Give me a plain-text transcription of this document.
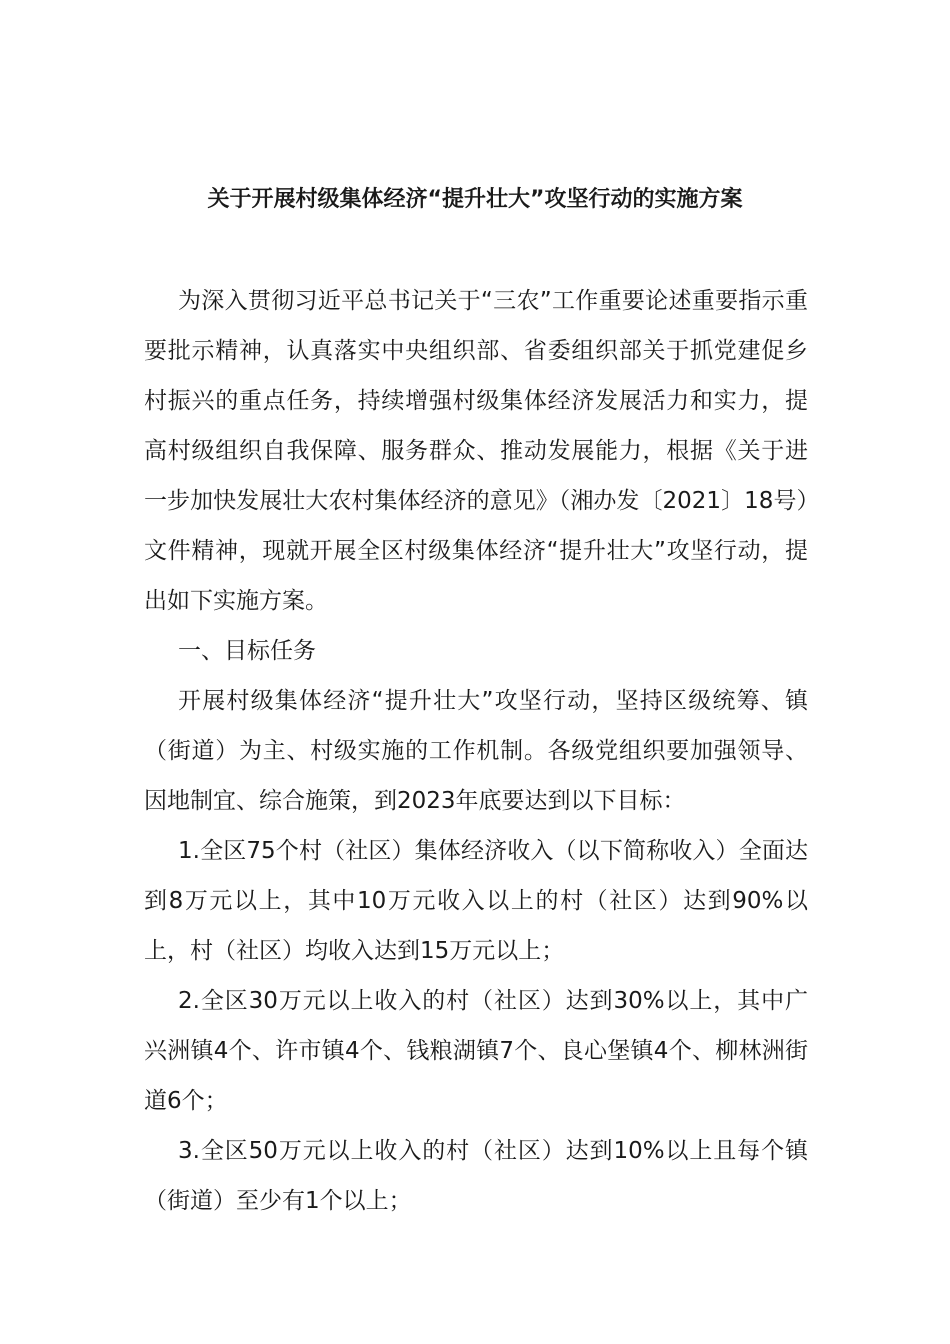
关于开展村级集体经济“提升壮大”攻坚行动的实施方案

为深入贯彻习近平总书记关于“三农”工作重要论述重要指示重要批示精神，认真落实中央组织部、省委组织部关于抓党建促乡村振兴的重点任务，持续增强村级集体经济发展活力和实力，提高村级组织自我保障、服务群众、推动发展能力，根据《关于进一步加快发展壮大农村集体经济的意见》（湘办发〔2021〕18号）文件精神，现就开展全区村级集体经济“提升壮大”攻坚行动，提出如下实施方案。

一、目标任务

开展村级集体经济“提升壮大”攻坚行动，坚持区级统筹、镇（街道）为主、村级实施的工作机制。各级党组织要加强领导、因地制宜、综合施策，到2023年底要达到以下目标：

1.全区75个村（社区）集体经济收入（以下简称收入）全面达到8万元以上，其中10万元收入以上的村（社区）达到90%以上，村（社区）均收入达到15万元以上；

2.全区30万元以上收入的村（社区）达到30%以上，其中广兴洲镇4个、许市镇4个、钱粮湖镇7个、良心堡镇4个、柳林洲街道6个；

3.全区50万元以上收入的村（社区）达到10%以上且每个镇（街道）至少有1个以上；
